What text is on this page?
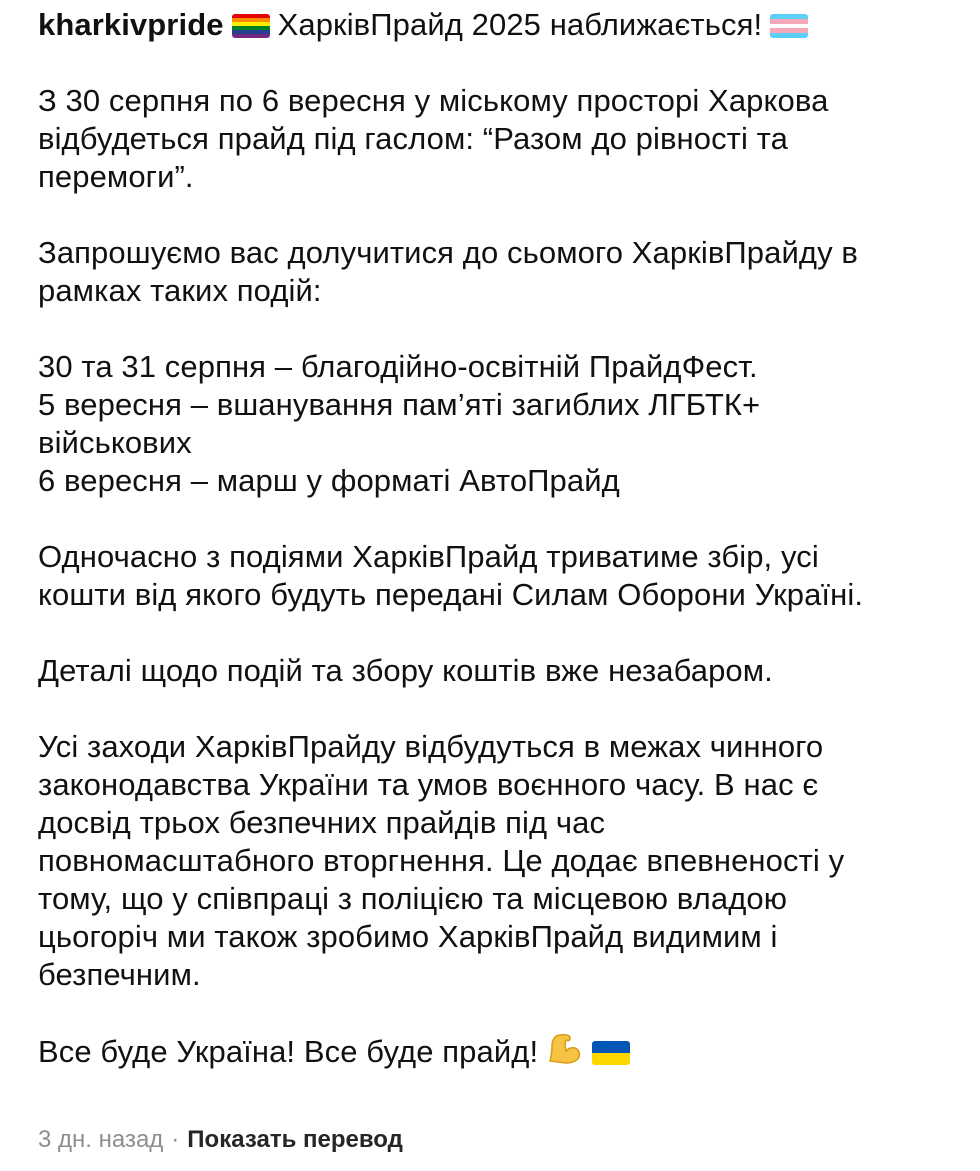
kharkivpride ХарківПрайд 2025 наближається!
З 30 серпня по 6 вересня у міському просторі Харкова
відбудеться прайд під гаслом: “Разом до рівності та
перемоги”.
Запрошуємо вас долучитися до сьомого ХарківПрайду в
рамках таких подій:
30 та 31 серпня – благодійно-освітній ПрайдФест.
5 вересня – вшанування пам’яті загиблих ЛГБТК+
військових
6 вересня – марш у форматі АвтоПрайд
Одночасно з подіями ХарківПрайд триватиме збір, усі
кошти від якого будуть передані Силам Оборони Україні.
Деталі щодо подій та збору коштів вже незабаром.
Усі заходи ХарківПрайду відбудуться в межах чинного
законодавства України та умов воєнного часу. В нас є
досвід трьох безпечних прайдів під час
повномасштабного вторгнення. Це додає впевненості у
тому, що у співпраці з поліцією та місцевою владою
цьогоріч ми також зробимо ХарківПрайд видимим і
безпечним.
Все буде Україна! Все буде прайд!
3 дн. назад · Показать перевод
